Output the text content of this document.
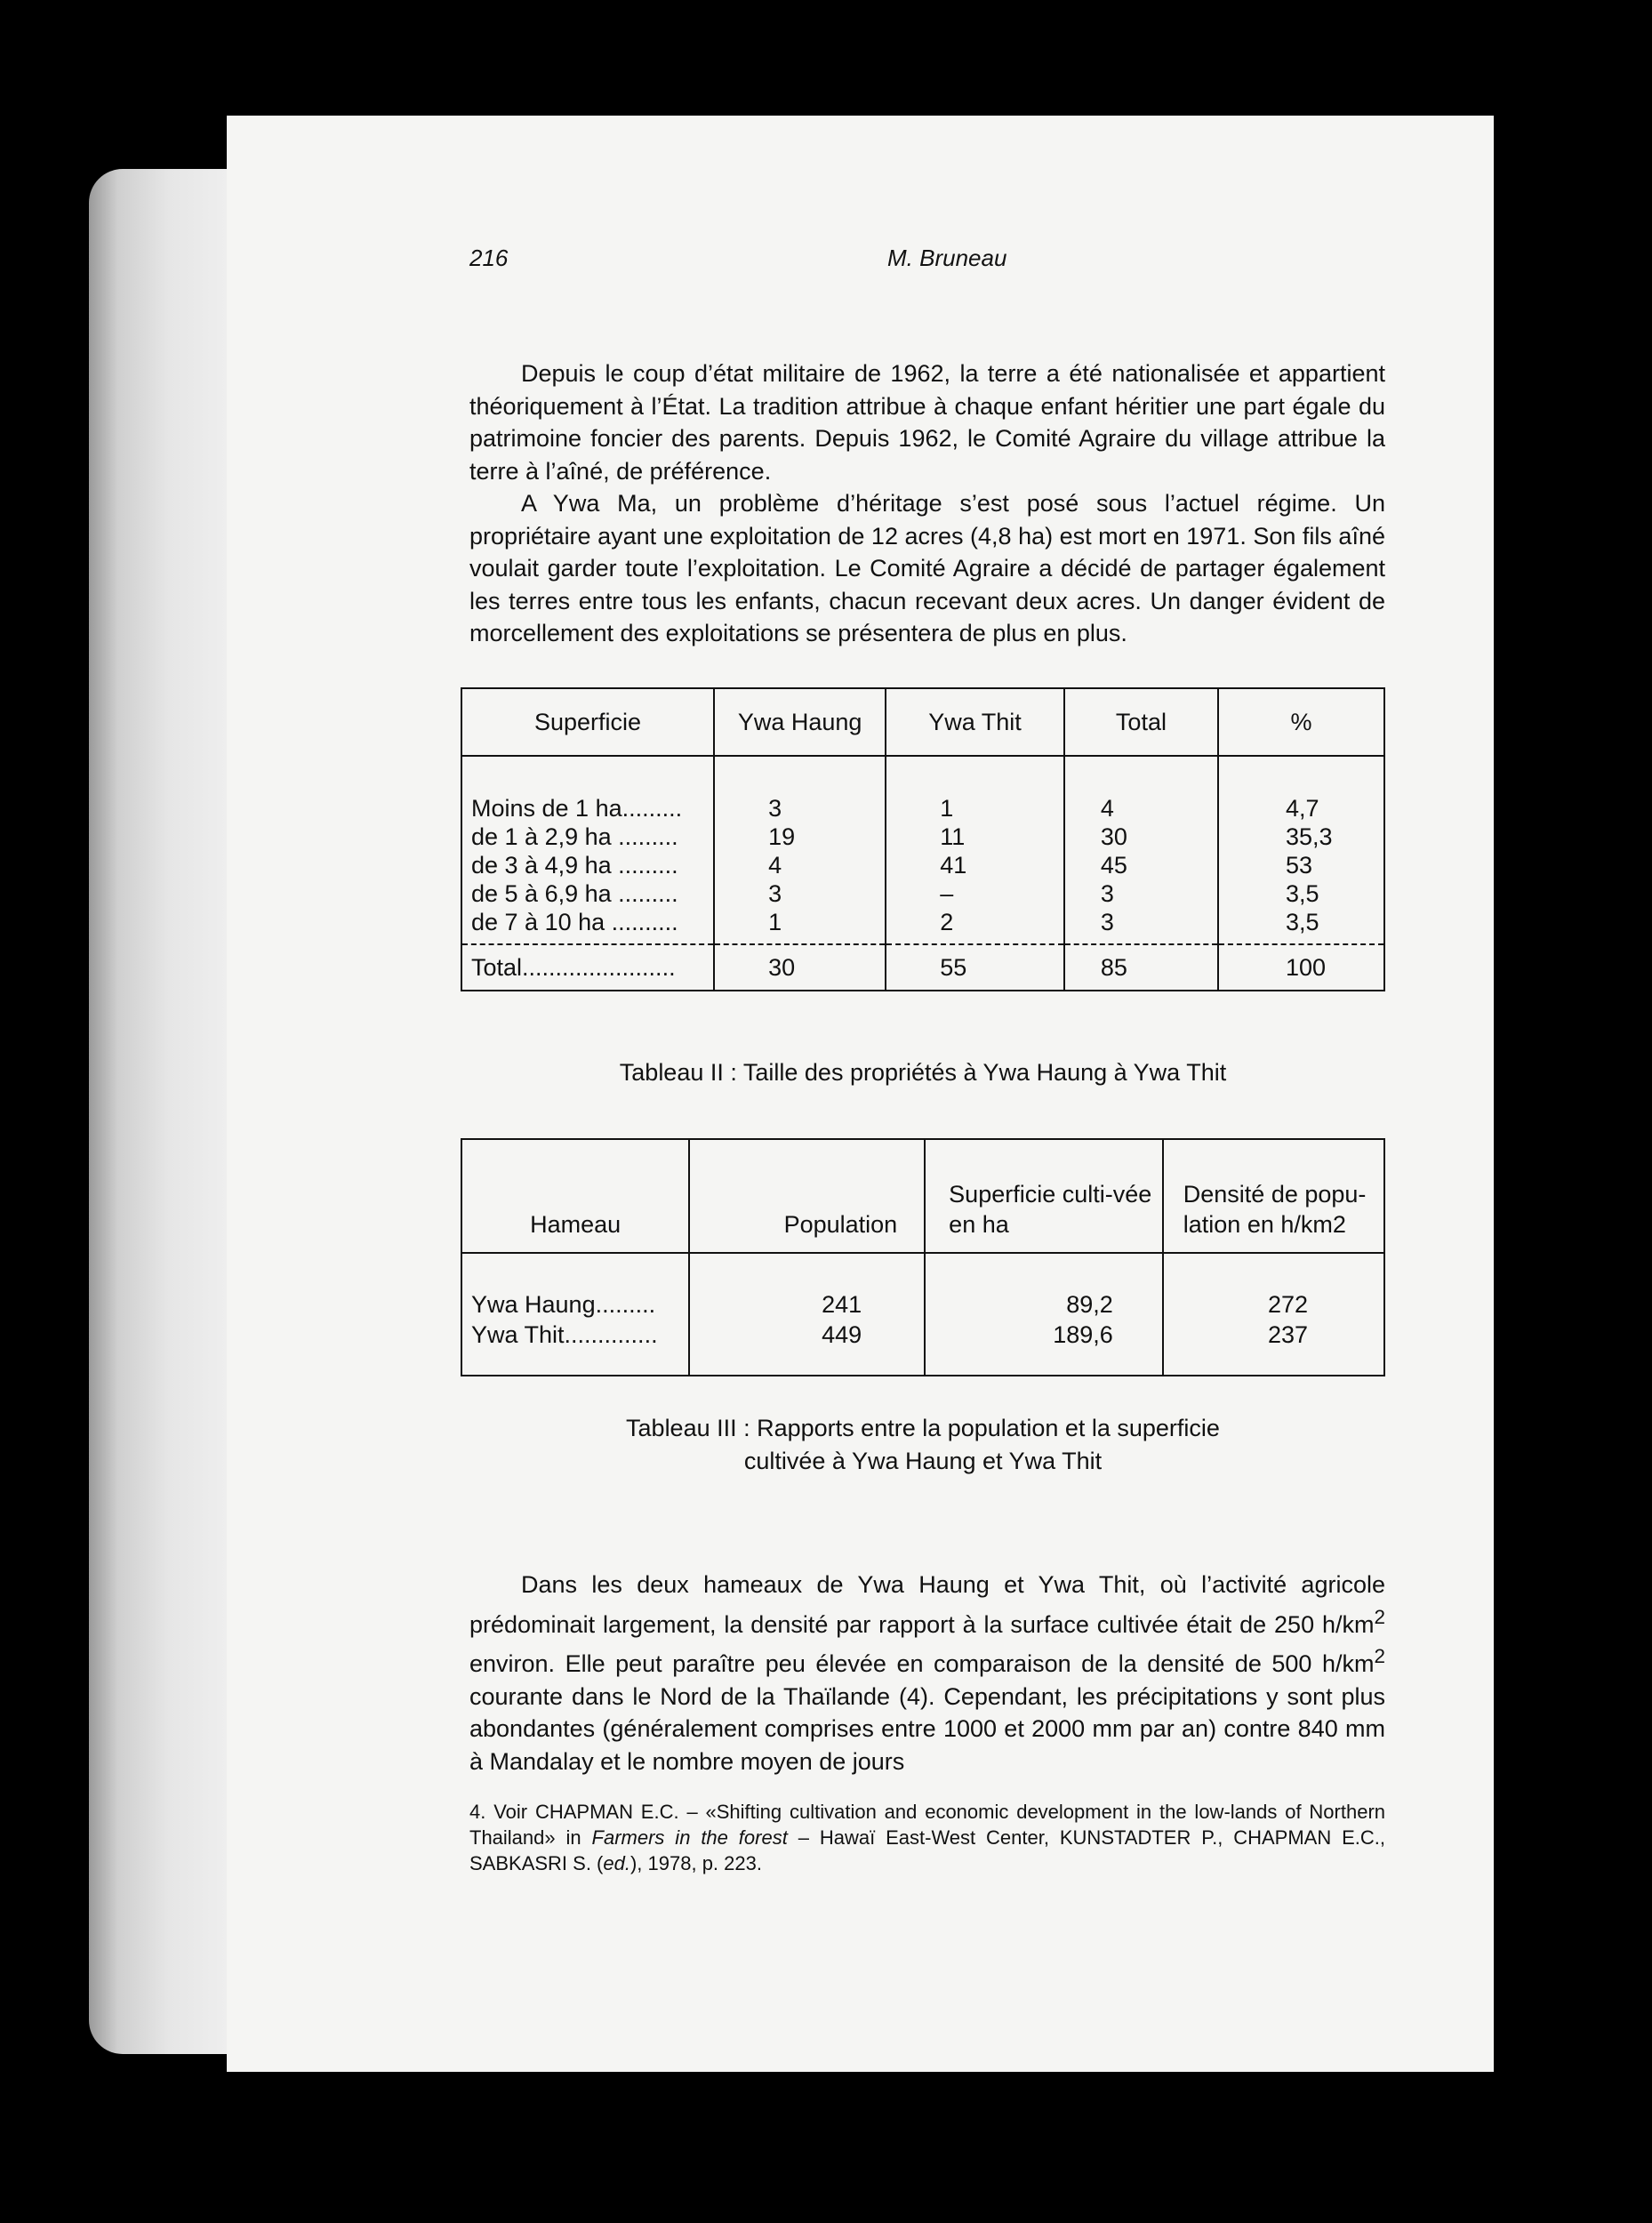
216	M. Bruneau

Depuis le coup d’état militaire de 1962, la terre a été nationalisée et appartient théoriquement à l’État. La tradition attribue à chaque enfant héritier une part égale du patrimoine foncier des parents. Depuis 1962, le Comité Agraire du village attribue la terre à l’aîné, de préférence.

A Ywa Ma, un problème d’héritage s’est posé sous l’actuel régime. Un propriétaire ayant une exploitation de 12 acres (4,8 ha) est mort en 1971. Son fils aîné voulait garder toute l’exploitation. Le Comité Agraire a décidé de partager également les terres entre tous les enfants, chacun recevant deux acres. Un danger évident de morcellement des exploitations se présentera de plus en plus.

Superficie	Ywa Haung	Ywa Thit	Total	%

Moins de 1 ha.........	3	1	4	4,7
de 1 à 2,9 ha .........	19	11	30	35,3
de 3 à 4,9 ha .........	4	41	45	53
de 5 à 6,9 ha .........	3	–	3	3,5
de 7 à 10 ha ..........	1	2	3	3,5
Total.......................	30	55	85	100
Tableau II : Taille des propriétés à Ywa Haung à Ywa Thit
Hameau	Population	Superficie culti-vée en ha	Densité de popu-lation en h/km2

Ywa Haung.........	241	89,2	272
Ywa Thit..............	449	189,6	237
Tableau III : Rapports entre la population et la superficie
cultivée à Ywa Haung et Ywa Thit

Dans les deux hameaux de Ywa Haung et Ywa Thit, où l’activité agricole prédominait largement, la densité par rapport à la surface cultivée était de 250 $h/km^2$ environ. Elle peut paraître peu élevée en comparaison de la densité de 500 $h/km^2$ courante dans le Nord de la Thaïlande (4). Cependant, les précipitations y sont plus abondantes (généralement comprises entre 1000 et 2000 mm par an) contre 840 mm à Mandalay et le nombre moyen de jours

4. Voir CHAPMAN E.C. – «Shifting cultivation and economic development in the low-lands of Northern Thailand» in Farmers in the forest – Hawaï East-West Center, KUNSTADTER P., CHAPMAN E.C., SABKASRI S. (ed.), 1978, p. 223.
